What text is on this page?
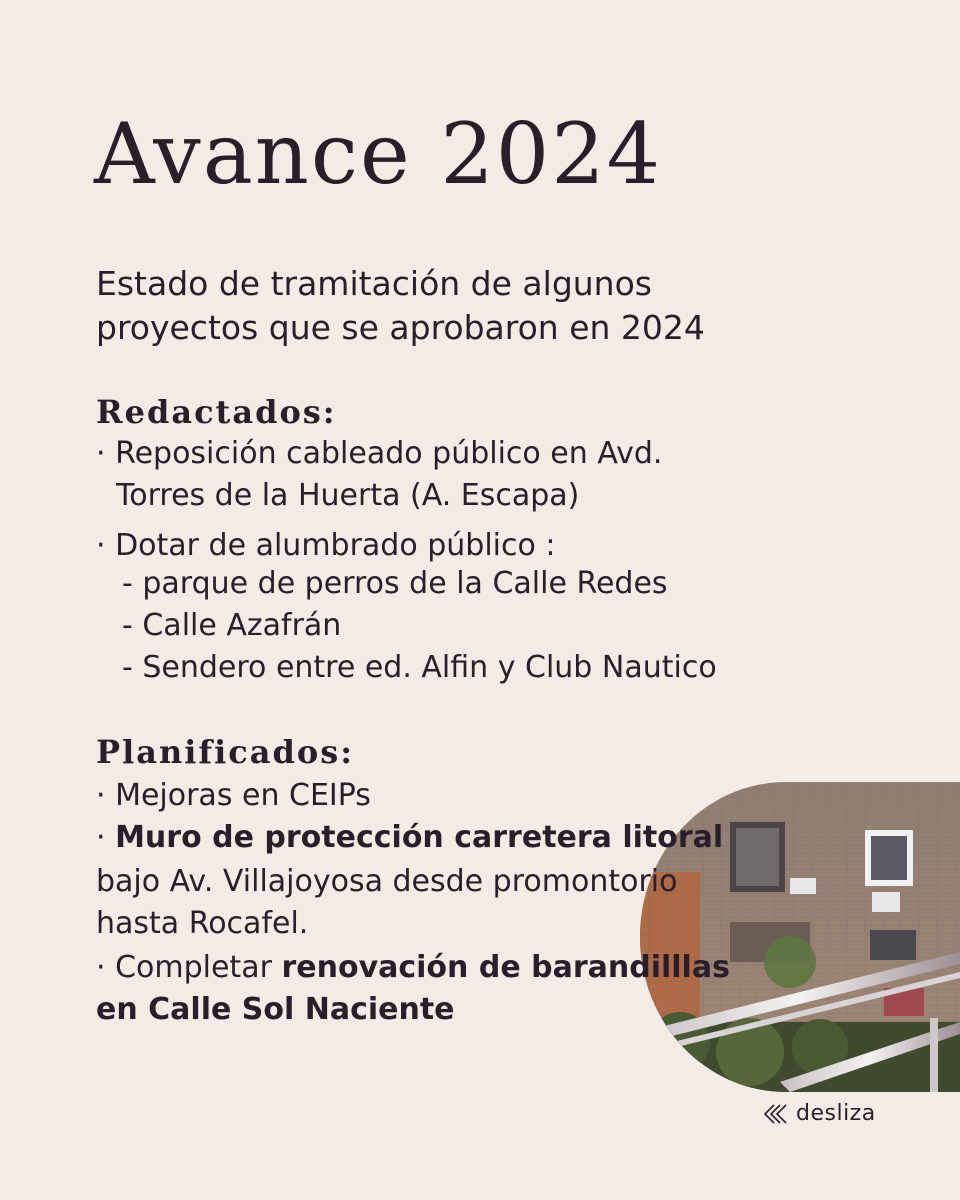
Avance 2024
Estado de tramitación de algunos
proyectos que se aprobaron en 2024
Redactados:
· Reposición cableado público en Avd.
Torres de la Huerta (A. Escapa)
· Dotar de alumbrado público :
- parque de perros de la Calle Redes
- Calle Azafrán
- Sendero entre ed. Alfin y Club Nautico
Planificados:
· Mejoras en CEIPs
· Muro de protección carretera litoral
bajo Av. Villajoyosa desde promontorio
hasta Rocafel.
· Completar renovación de barandilllas
en Calle Sol Naciente
desliza
